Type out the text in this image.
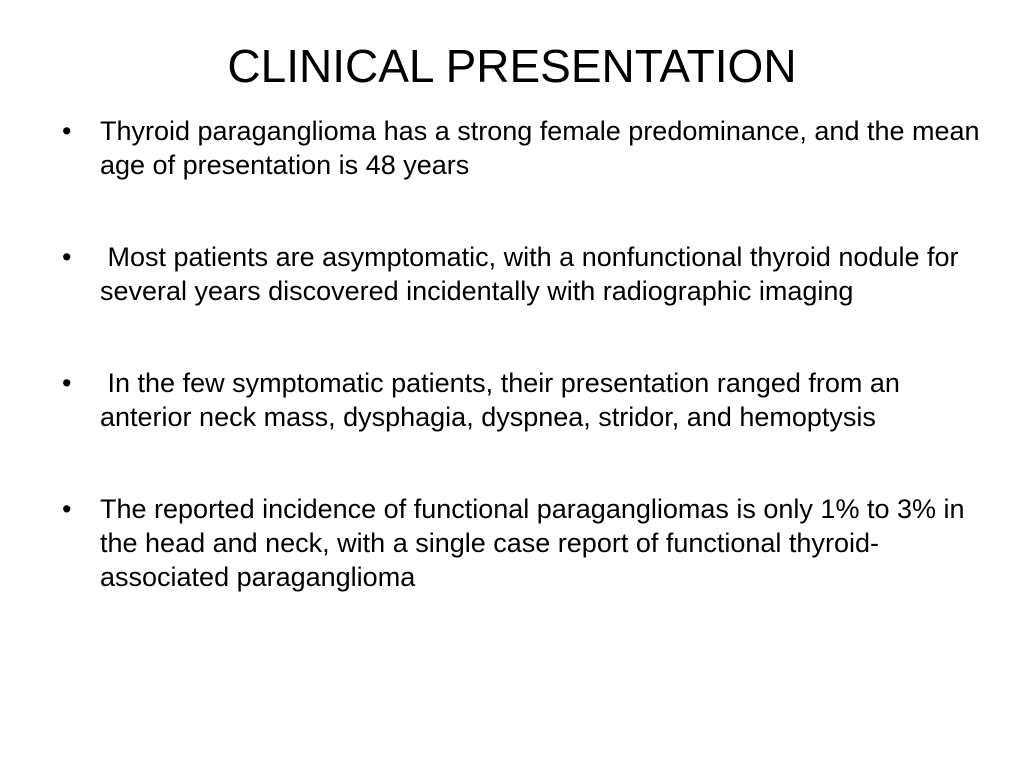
CLINICAL PRESENTATION
• Thyroid paraganglioma has a strong female predominance, and the mean age of presentation is 48 years
• Most patients are asymptomatic, with a nonfunctional thyroid nodule for several years discovered incidentally with radiographic imaging
• In the few symptomatic patients, their presentation ranged from an anterior neck mass, dysphagia, dyspnea, stridor, and hemoptysis
• The reported incidence of functional paragangliomas is only 1% to 3% in the head and neck, with a single case report of functional thyroid-associated paraganglioma
